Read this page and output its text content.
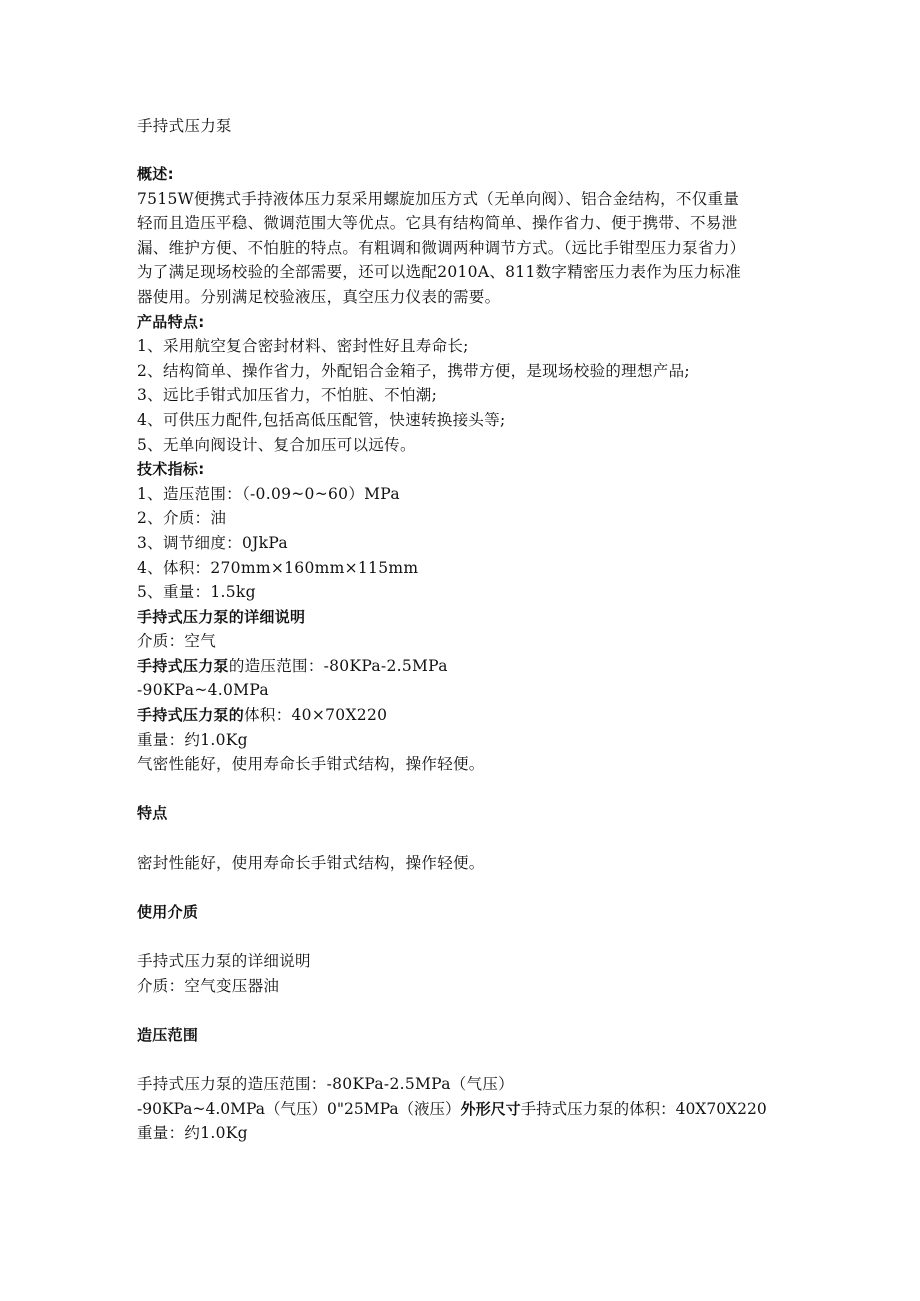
手持式压力泵

概述:

7515W便携式手持液体压力泵采用螺旋加压方式（无单向阀）、铝合金结构，不仅重量

轻而且造压平稳、微调范围大等优点。它具有结构简单、操作省力、便于携带、不易泄

漏、维护方便、不怕脏的特点。有粗调和微调两种调节方式。（远比手钳型压力泵省力）

为了满足现场校验的全部需要，还可以选配2010A、811数字精密压力表作为压力标准

器使用。分别满足校验液压，真空压力仪表的需要。

产品特点:

1、采用航空复合密封材料、密封性好且寿命长;

2、结构简单、操作省力，外配铝合金箱子，携带方便，是现场校验的理想产品;

3、远比手钳式加压省力，不怕脏、不怕潮;

4、可供压力配件,包括高低压配管，快速转换接头等;

5、无单向阀设计、复合加压可以远传。

技术指标:

1、造压范围：（-0.09~0~60）MPa

2、介质：油

3、调节细度：0JkPa

4、体积：270mm×160mm×115mm

5、重量：1.5kg

手持式压力泵的详细说明

介质：空气

手持式压力泵的造压范围：-80KPa-2.5MPa

-90KPa~4.0MPa

手持式压力泵的体积：40×70X220

重量：约1.0Kg

气密性能好，使用寿命长手钳式结构，操作轻便。

特点

密封性能好，使用寿命长手钳式结构，操作轻便。

使用介质

手持式压力泵的详细说明

介质：空气变压器油

造压范围

手持式压力泵的造压范围：-80KPa-2.5MPa（气压）

-90KPa~4.0MPa（气压）0"25MPa（液压）外形尺寸手持式压力泵的体积：40X70X220

重量：约1.0Kg
